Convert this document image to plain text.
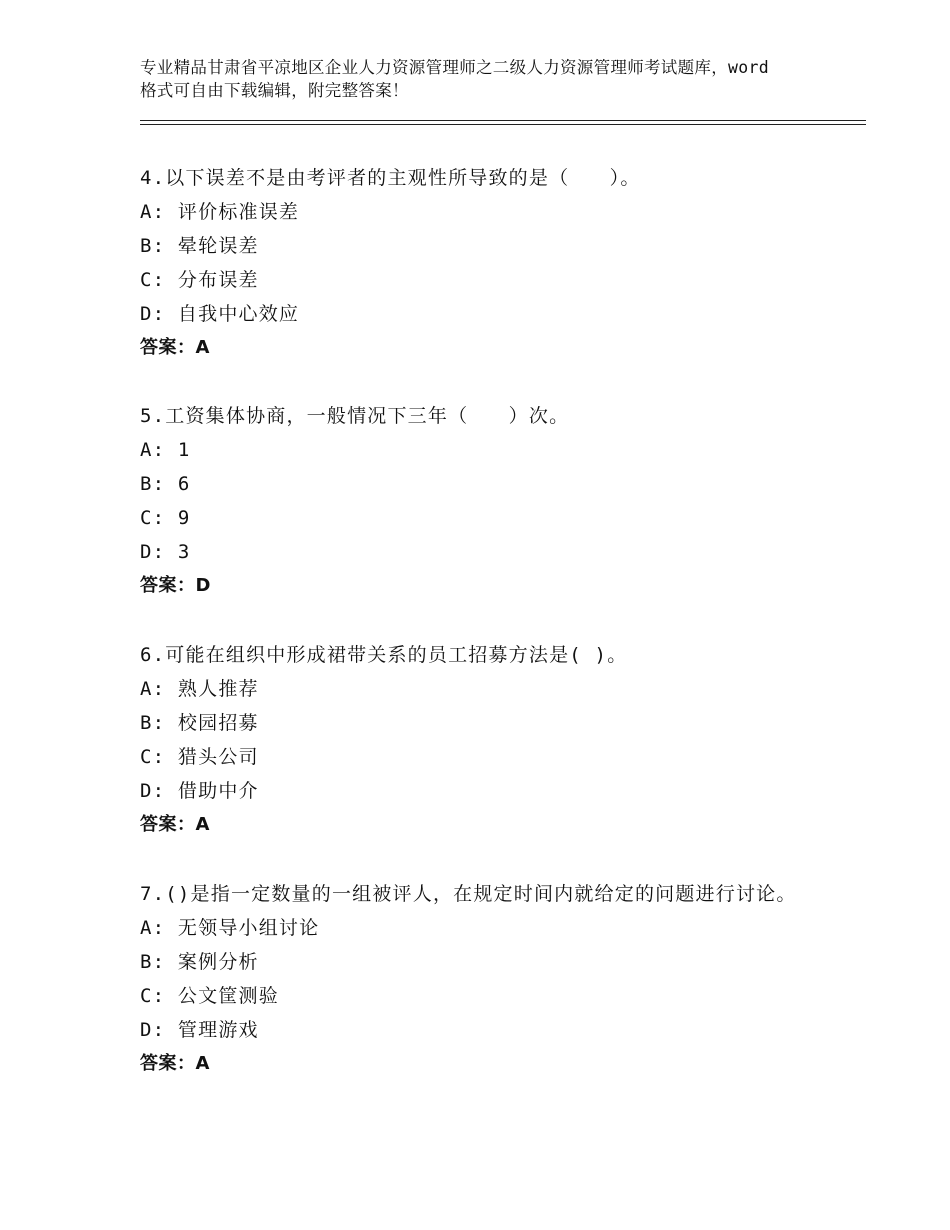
专业精品甘肃省平凉地区企业人力资源管理师之二级人力资源管理师考试题库，word格式可自由下载编辑，附完整答案！
4.以下误差不是由考评者的主观性所导致的是（　　）。
A: 评价标准误差
B: 晕轮误差
C: 分布误差
D: 自我中心效应
答案：A
5.工资集体协商，一般情况下三年（　　）次。
A: 1
B: 6
C: 9
D: 3
答案：D
6.可能在组织中形成裙带关系的员工招募方法是( )。
A: 熟人推荐
B: 校园招募
C: 猎头公司
D: 借助中介
答案：A
7.()是指一定数量的一组被评人，在规定时间内就给定的问题进行讨论。
A: 无领导小组讨论
B: 案例分析
C: 公文筐测验
D: 管理游戏
答案：A
